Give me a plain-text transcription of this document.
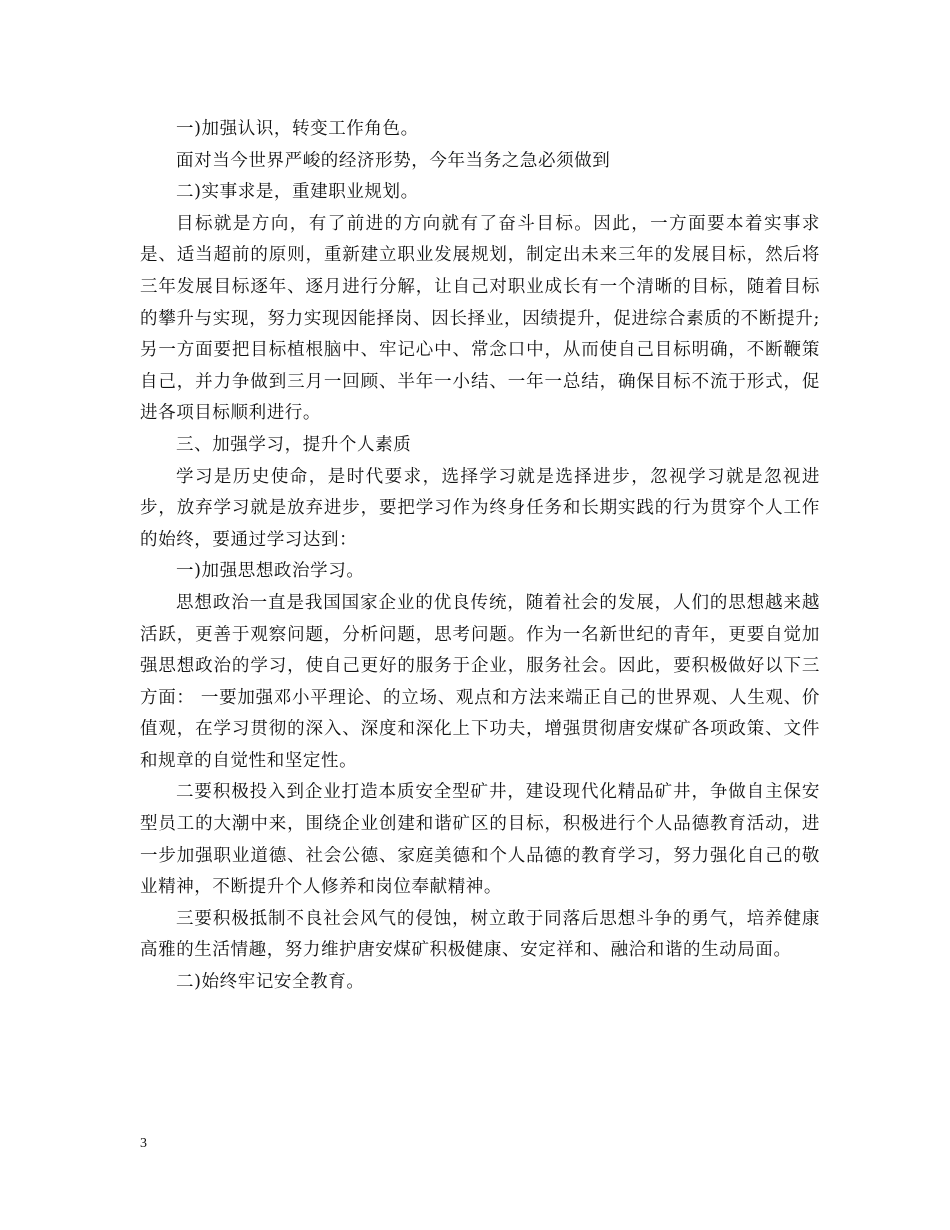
一)加强认识，转变工作角色。

面对当今世界严峻的经济形势，今年当务之急必须做到

二)实事求是，重建职业规划。

目标就是方向，有了前进的方向就有了奋斗目标。因此，一方面要本着实事求是、适当超前的原则，重新建立职业发展规划，制定出未来三年的发展目标，然后将三年发展目标逐年、逐月进行分解，让自己对职业成长有一个清晰的目标，随着目标的攀升与实现，努力实现因能择岗、因长择业，因绩提升，促进综合素质的不断提升;另一方面要把目标植根脑中、牢记心中、常念口中，从而使自己目标明确，不断鞭策自己，并力争做到三月一回顾、半年一小结、一年一总结，确保目标不流于形式，促进各项目标顺利进行。

三、加强学习，提升个人素质

学习是历史使命，是时代要求，选择学习就是选择进步，忽视学习就是忽视进步，放弃学习就是放弃进步，要把学习作为终身任务和长期实践的行为贯穿个人工作的始终，要通过学习达到：

一)加强思想政治学习。

思想政治一直是我国国家企业的优良传统，随着社会的发展，人们的思想越来越活跃，更善于观察问题，分析问题，思考问题。作为一名新世纪的青年，更要自觉加强思想政治的学习，使自己更好的服务于企业，服务社会。因此，要积极做好以下三方面： 一要加强邓小平理论、的立场、观点和方法来端正自己的世界观、人生观、价值观，在学习贯彻的深入、深度和深化上下功夫，增强贯彻唐安煤矿各项政策、文件和规章的自觉性和坚定性。

二要积极投入到企业打造本质安全型矿井，建设现代化精品矿井，争做自主保安型员工的大潮中来，围绕企业创建和谐矿区的目标，积极进行个人品德教育活动，进一步加强职业道德、社会公德、家庭美德和个人品德的教育学习，努力强化自己的敬业精神，不断提升个人修养和岗位奉献精神。

三要积极抵制不良社会风气的侵蚀，树立敢于同落后思想斗争的勇气，培养健康高雅的生活情趣，努力维护唐安煤矿积极健康、安定祥和、融洽和谐的生动局面。

二)始终牢记安全教育。

3
